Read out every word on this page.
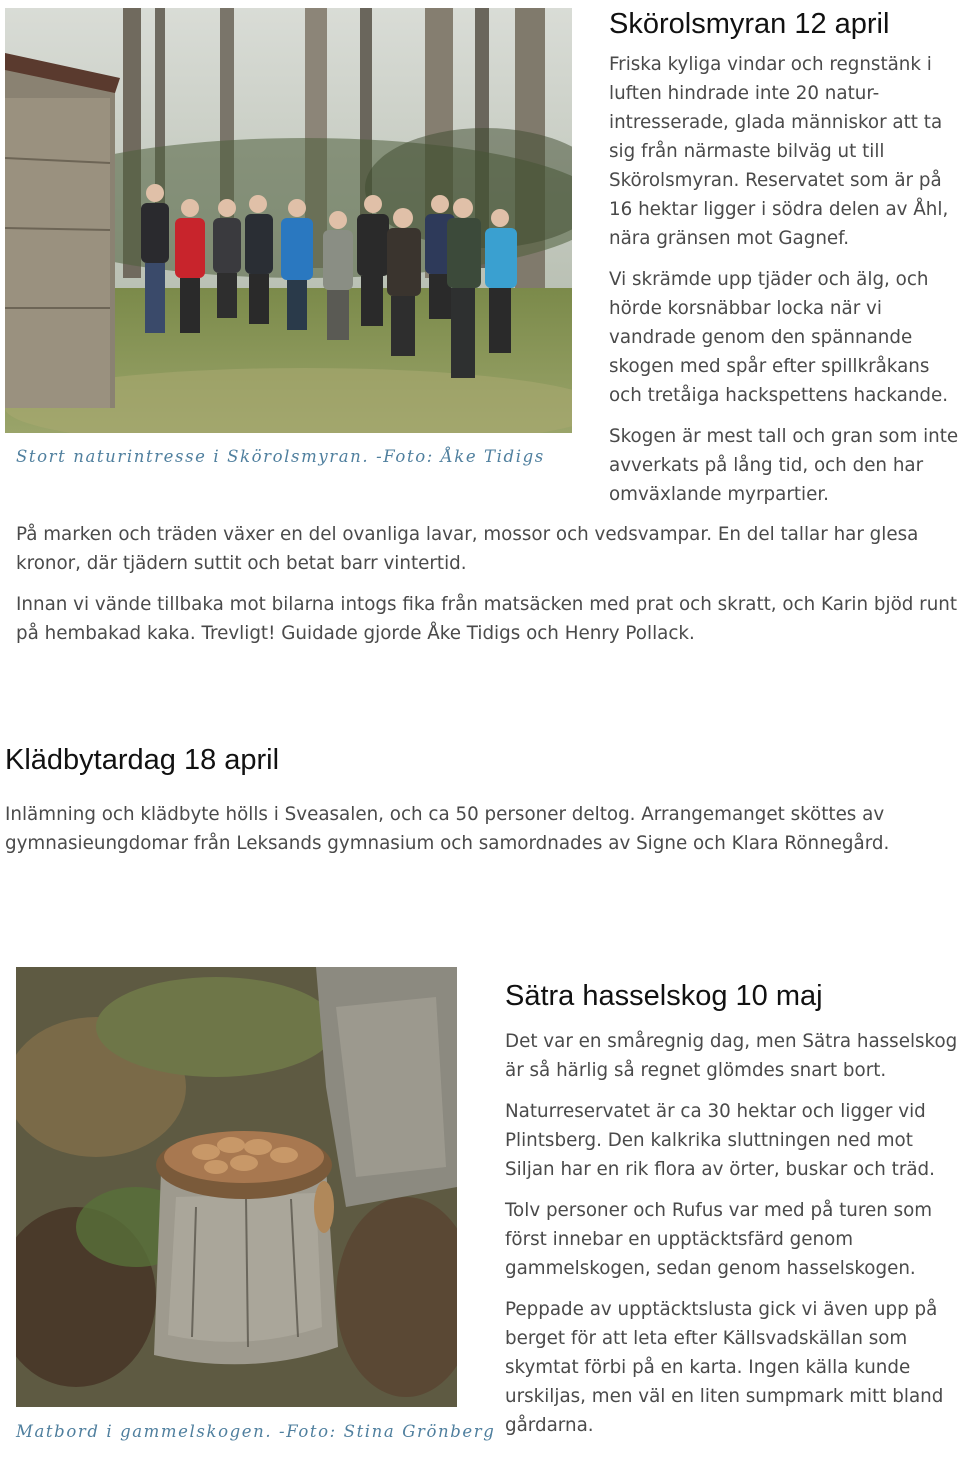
Stort naturintresse i Skörolsmyran. -Foto: Åke Tidigs
Skörolsmyran 12 april

Friska kyliga vindar och regnstänk i luften hindrade inte 20 natur-intresserade, glada människor att ta sig från närmaste bilväg ut till Skörolsmyran. Reservatet som är på 16 hektar ligger i södra delen av Åhl, nära gränsen mot Gagnef.

Vi skrämde upp tjäder och älg, och hörde korsnäbbar locka när vi vandrade genom den spännande skogen med spår efter spillkråkans och tretåiga hackspettens hackande.

Skogen är mest tall och gran som inte avverkats på lång tid, och den har omväxlande myrpartier.

På marken och träden växer en del ovanliga lavar, mossor och vedsvampar. En del tallar har glesa kronor, där tjädern suttit och betat barr vintertid.

Innan vi vände tillbaka mot bilarna intogs fika från matsäcken med prat och skratt, och Karin bjöd runt på hembakad kaka. Trevligt! Guidade gjorde Åke Tidigs och Henry Pollack.

Klädbytardag 18 april

Inlämning och klädbyte hölls i Sveasalen, och ca 50 personer deltog. Arrangemanget sköttes av gymnasieungdomar från Leksands gymnasium och samordnades av Signe och Klara Rönnegård.

Matbord i gammelskogen. -Foto: Stina Grönberg
Sätra hasselskog 10 maj

Det var en småregnig dag, men Sätra hasselskog är så härlig så regnet glömdes snart bort.

Naturreservatet är ca 30 hektar och ligger vid Plintsberg. Den kalkrika sluttningen ned mot Siljan har en rik flora av örter, buskar och träd.

Tolv personer och Rufus var med på turen som först innebar en upptäcktsfärd genom gammelskogen, sedan genom hasselskogen.

Peppade av upptäcktslusta gick vi även upp på berget för att leta efter Källsvadskällan som skymtat förbi på en karta. Ingen källa kunde urskiljas, men väl en liten sumpmark mitt bland gårdarna.
